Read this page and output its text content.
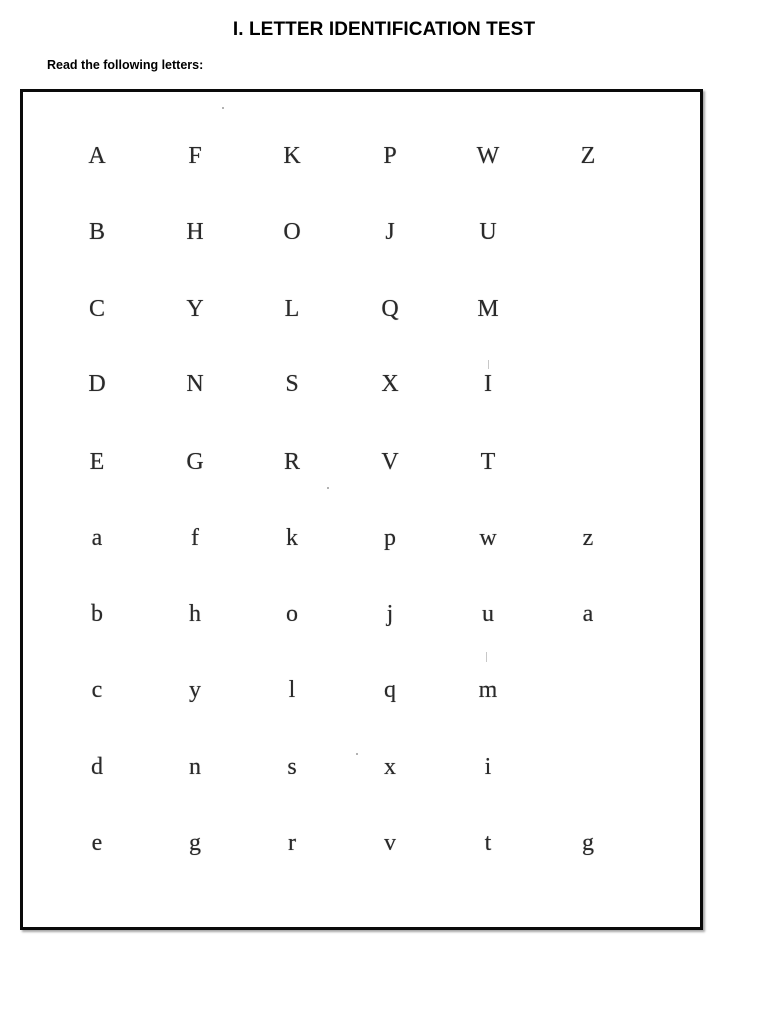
I. LETTER IDENTIFICATION TEST
Read the following letters:
A	F	K	P	W	Z
B	H	O	J	U
C	Y	L	Q	M
D	N	S	X	I
E	G	R	V	T
a	f	k	p	w	z
b	h	o	j	u	a
c	y	l	q	m
d	n	s	x	i
e	g	r	v	t	g
